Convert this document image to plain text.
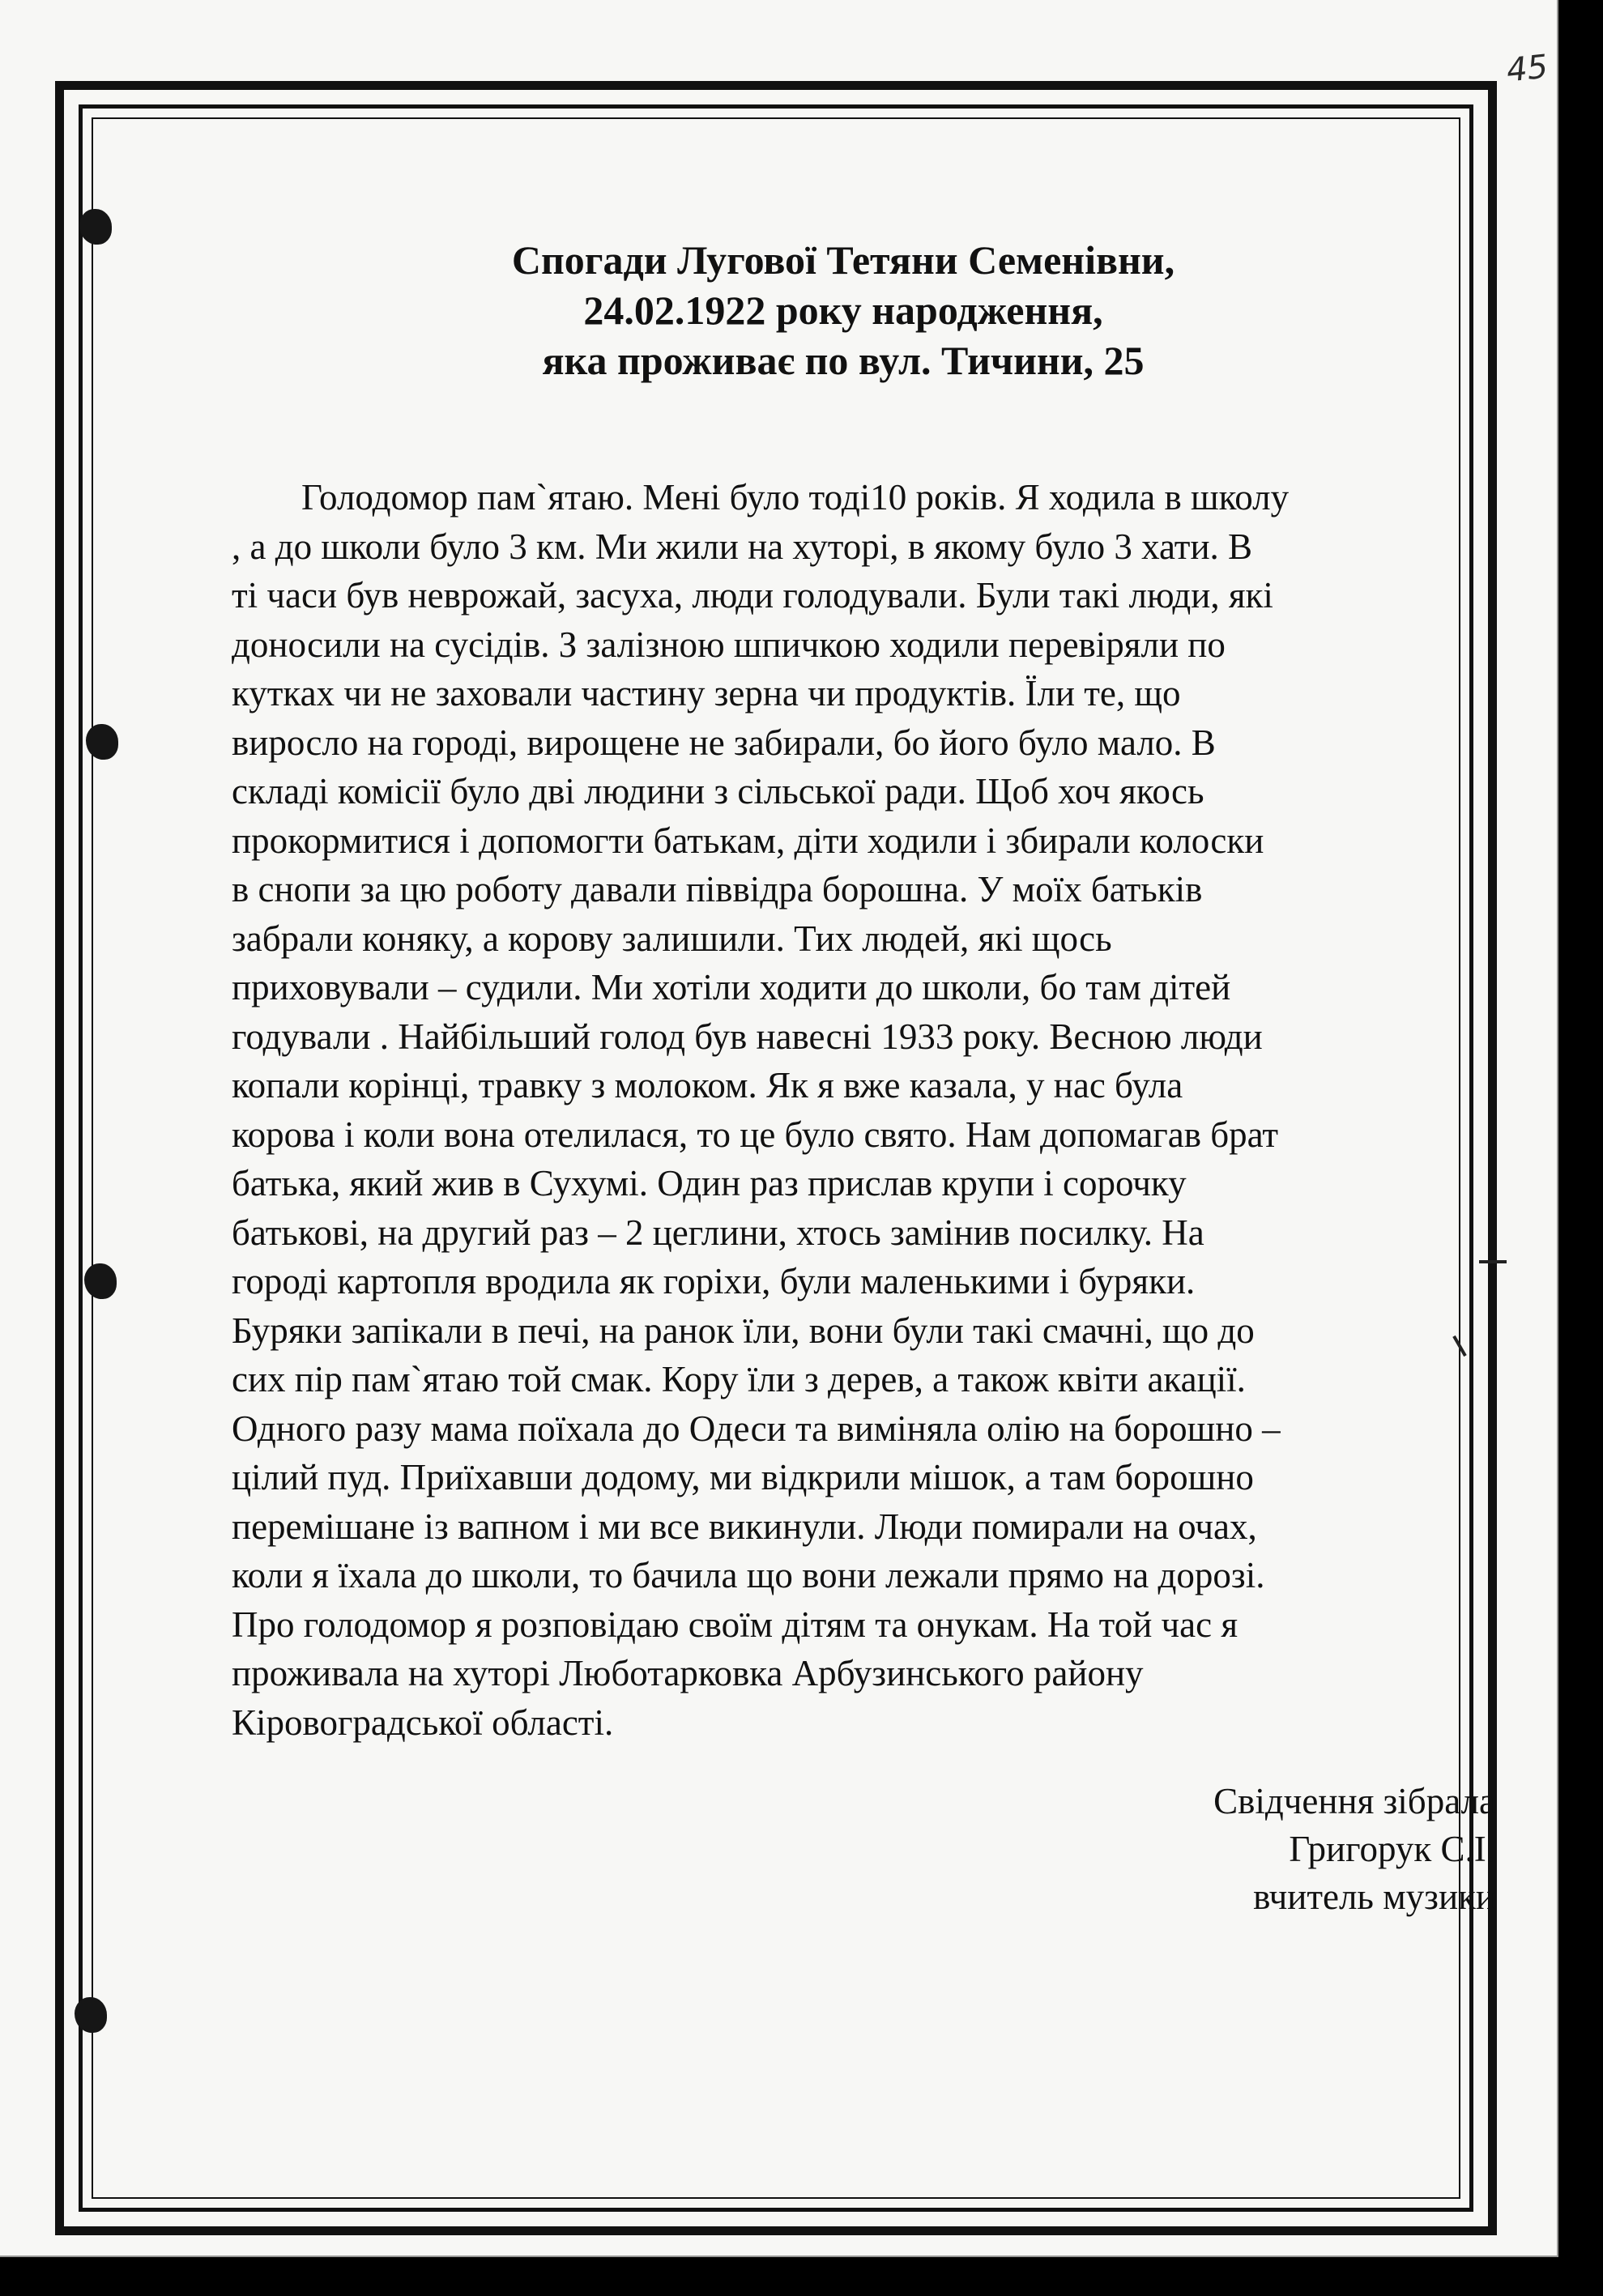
45
Спогади Лугової Тетяни Семенівни,
24.02.1922 року народження,
яка проживає по вул. Тичини, 25
Голодомор пам`ятаю. Мені було тоді10 років. Я ходила в школу
, а до школи було 3 км. Ми жили на хуторі, в якому було 3 хати. В
ті часи був неврожай, засуха, люди голодували. Були такі люди, які
доносили на сусідів. З залізною шпичкою ходили перевіряли по
кутках чи не заховали частину зерна чи продуктів. Їли те, що
виросло на городі, вирощене не забирали, бо його було мало. В
складі комісії було дві людини з сільської ради. Щоб хоч якось
прокормитися і допомогти батькам, діти ходили і збирали колоски
в снопи за цю роботу давали піввідра борошна. У моїх батьків
забрали коняку, а корову залишили. Тих людей, які щось
приховували – судили. Ми хотіли ходити до школи, бо там дітей
годували . Найбільший голод був навесні 1933 року. Весною люди
копали корінці, травку з молоком. Як я вже казала, у нас була
корова і коли вона отелилася, то це було свято. Нам допомагав брат
батька, який жив в Сухумі. Один раз прислав крупи і сорочку
батькові, на другий раз – 2 цеглини, хтось замінив посилку. На
городі картопля вродила як горіхи, були маленькими і буряки.
Буряки запікали в печі, на ранок їли, вони були такі смачні, що до
сих пір пам`ятаю той смак. Кору їли з дерев, а також квіти акації.
Одного разу мама поїхала до Одеси та виміняла олію на борошно –
цілий пуд. Приїхавши додому, ми відкрили мішок, а там борошно
перемішане із вапном і ми все викинули. Люди помирали на очах,
коли я їхала до школи, то бачила що вони лежали прямо на дорозі.
Про голодомор я розповідаю своїм дітям та онукам. На той час я
проживала на хуторі Люботарковка Арбузинського району
Кіровоградської області.
Свідчення зібрала
Григорук С.І.
вчитель музики
